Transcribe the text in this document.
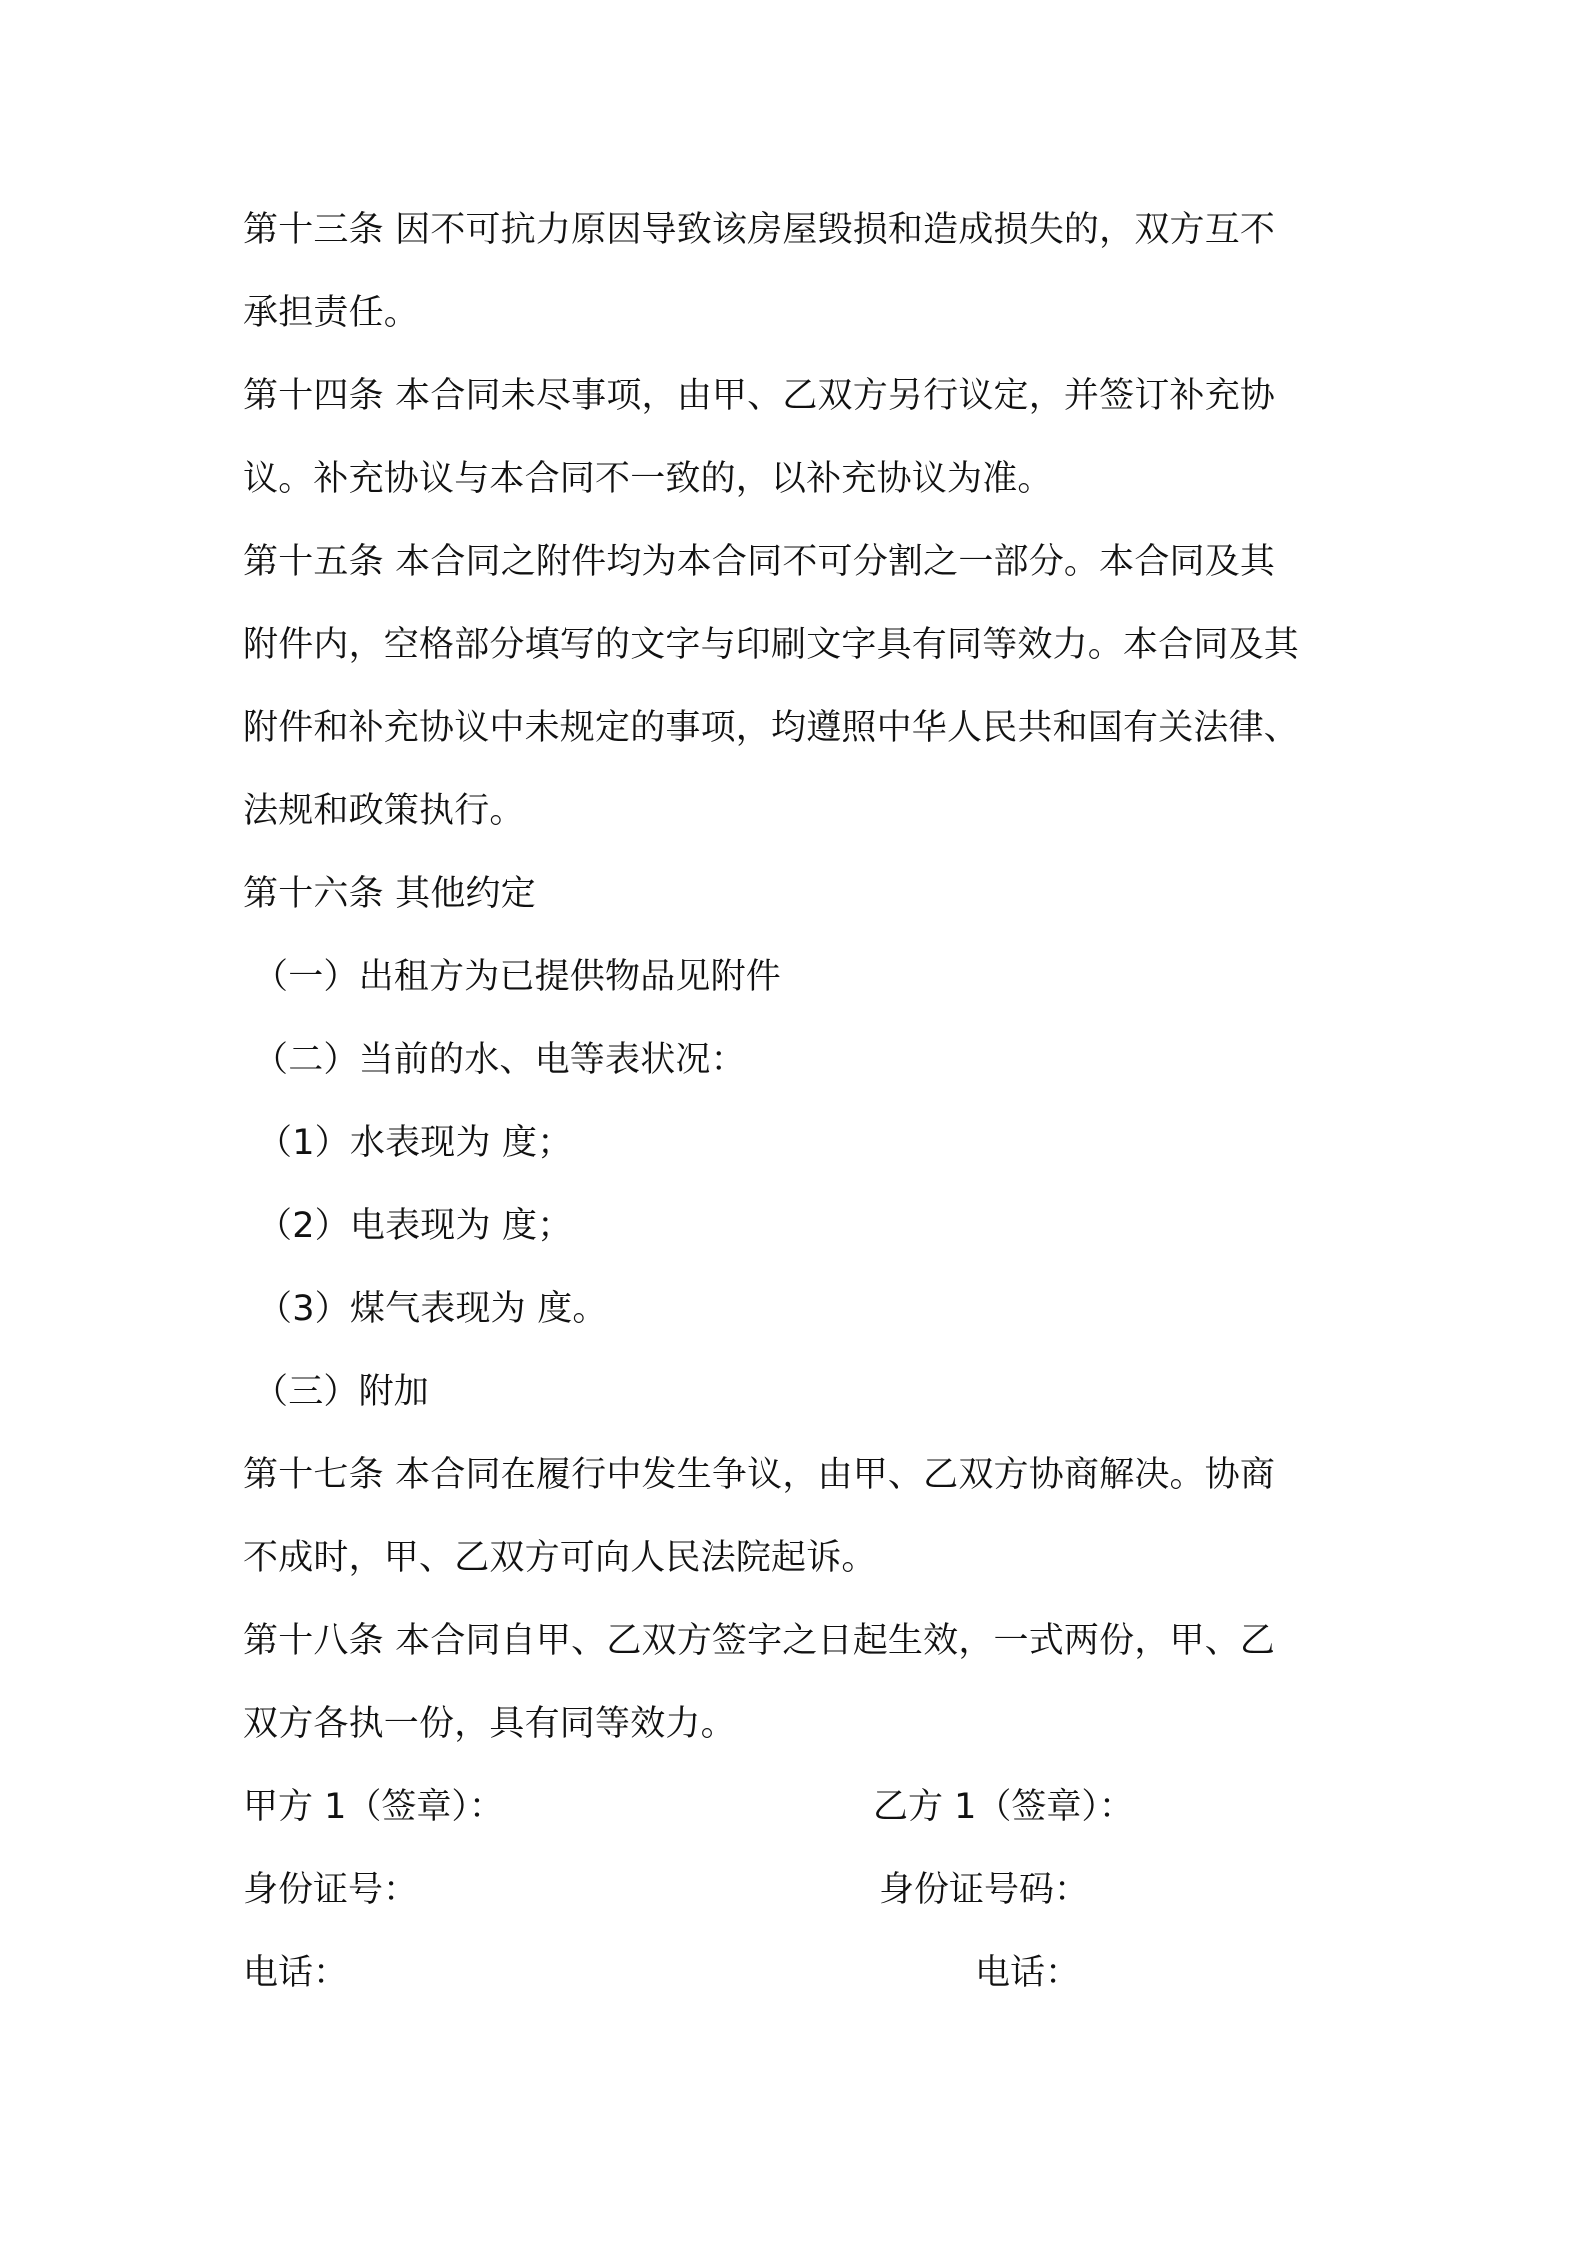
第十三条 因不可抗力原因导致该房屋毁损和造成损失的，双方互不
承担责任。
第十四条 本合同未尽事项，由甲、乙双方另行议定，并签订补充协
议。补充协议与本合同不一致的，以补充协议为准。
第十五条 本合同之附件均为本合同不可分割之一部分。本合同及其
附件内，空格部分填写的文字与印刷文字具有同等效力。本合同及其
附件和补充协议中未规定的事项，均遵照中华人民共和国有关法律、
法规和政策执行。
第十六条 其他约定
（一）出租方为已提供物品见附件
（二）当前的水、电等表状况：
（1）水表现为 度；
（2）电表现为 度；
（3）煤气表现为 度。
（三）附加
第十七条 本合同在履行中发生争议，由甲、乙双方协商解决。协商
不成时，甲、乙双方可向人民法院起诉。
第十八条 本合同自甲、乙双方签字之日起生效，一式两份，甲、乙
双方各执一份，具有同等效力。
甲方 1（签章）：	乙方 1（签章）：
身份证号：	身份证号码：
电话：	电话：
